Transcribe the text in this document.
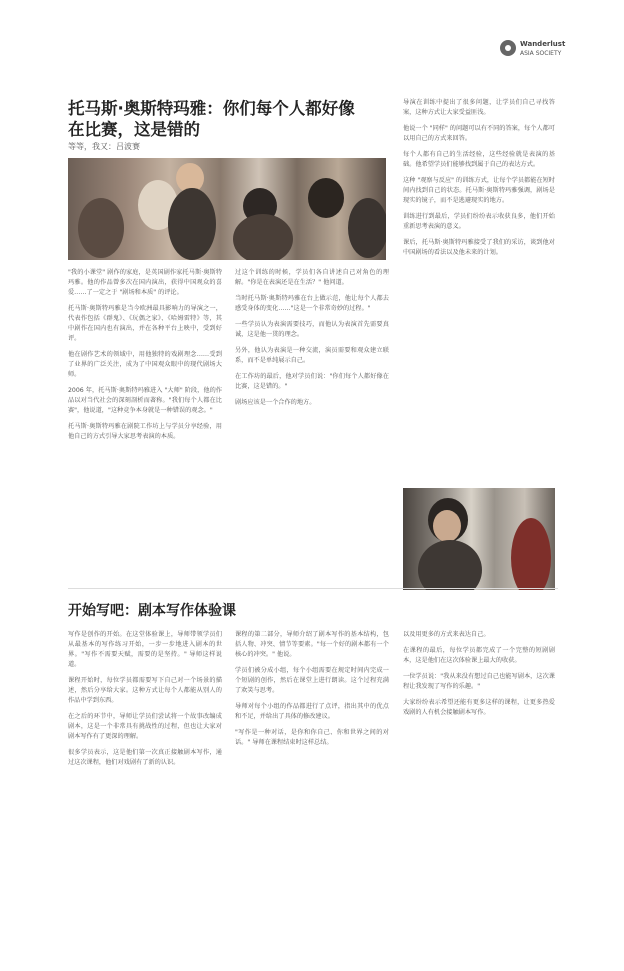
Wanderlust
ASIA SOCIETY
托马斯·奥斯特玛雅：你们每个人都好像在比赛，这是错的
等等，我又：吕波赛

"我的小课堂" 剧作的家庭，是英国剧作家托马斯·奥斯特玛雅。他的作品曾多次在国内演出，获得中国观众的喜爱……了一定之于 "剧场和本质" 的评论。

托马斯·奥斯特玛雅是当今欧洲最具影响力的导演之一，代表作包括《群鬼》、《玩偶之家》、《哈姆雷特》等，其中剧作在国内也有演出，并在各种平台上映中，受到好评。

他在剧作艺术的领域中，用他独特的戏剧理念……受到了业界的广泛关注，成为了中国观众眼中的现代剧场大师。

2006 年，托马斯·奥斯特玛雅进入 "大师" 阶段，他的作品以对当代社会的深刻剖析而著称。"我们每个人都在比赛"，他说道，"这种竞争本身就是一种错误的观念。"

托马斯·奥斯特玛雅在剧院工作坊上与学员分享经验，用他自己的方式引导大家思考表演的本质。

过这个训练的时候，学员们各自讲述自己对角色的理解。"你是在表演还是在生活？" 他问道。

当时托马斯·奥斯特玛雅在台上做示范，他让每个人都去感受身体的变化……"这是一个非常奇妙的过程。"

一些学员认为表演需要技巧，而他认为表演首先需要真诚，这是他一贯的理念。

另外，他认为表演是一种交流，演员需要和观众建立联系，而不是单纯展示自己。

在工作坊的最后，他对学员们说："你们每个人都好像在比赛，这是错的。"

剧场应该是一个合作的地方。

导演在训练中提出了很多问题，让学员们自己寻找答案，这种方式让大家受益匪浅。

他说一个 "同样" 的问题可以有不同的答案，每个人都可以用自己的方式来回答。

每个人都有自己的生活经验，这些经验就是表演的基础。他希望学员们能够找到属于自己的表达方式。

这种 "观察与反应" 的训练方式，让每个学员都能在短时间内找到自己的状态。托马斯·奥斯特玛雅强调，剧场是现实的镜子，而不是逃避现实的地方。

训练进行到最后，学员们纷纷表示收获良多，他们开始重新思考表演的意义。

课后，托马斯·奥斯特玛雅接受了我们的采访，谈到他对中国剧场的看法以及他未来的计划。

开始写吧：剧本写作体验课

写作是创作的开始。在这堂体验课上，导师带领学员们从最基本的写作练习开始，一步一步地进入剧本的世界。"写作不需要天赋，需要的是坚持。" 导师这样说道。

课程开始时，每位学员都需要写下自己对一个场景的描述，然后分享给大家。这种方式让每个人都能从别人的作品中学到东西。

在之后的环节中，导师让学员们尝试将一个故事改编成剧本，这是一个非常具有挑战性的过程，但也让大家对剧本写作有了更深的理解。

很多学员表示，这是他们第一次真正接触剧本写作，通过这次课程，他们对戏剧有了新的认识。

课程的第二部分，导师介绍了剧本写作的基本结构，包括人物、冲突、情节等要素。"每一个好的剧本都有一个核心的冲突。" 他说。

学员们被分成小组，每个小组需要在规定时间内完成一个短剧的创作，然后在课堂上进行朗读。这个过程充满了欢笑与思考。

导师对每个小组的作品都进行了点评，指出其中的优点和不足，并给出了具体的修改建议。

"写作是一种对话，是你和你自己、你和世界之间的对话。" 导师在课程结束时这样总结。

以及用更多的方式来表达自己。

在课程的最后，每位学员都完成了一个完整的短剧剧本，这是他们在这次体验课上最大的收获。

一位学员说："我从来没有想过自己也能写剧本，这次课程让我发现了写作的乐趣。"

大家纷纷表示希望还能有更多这样的课程，让更多热爱戏剧的人有机会接触剧本写作。
